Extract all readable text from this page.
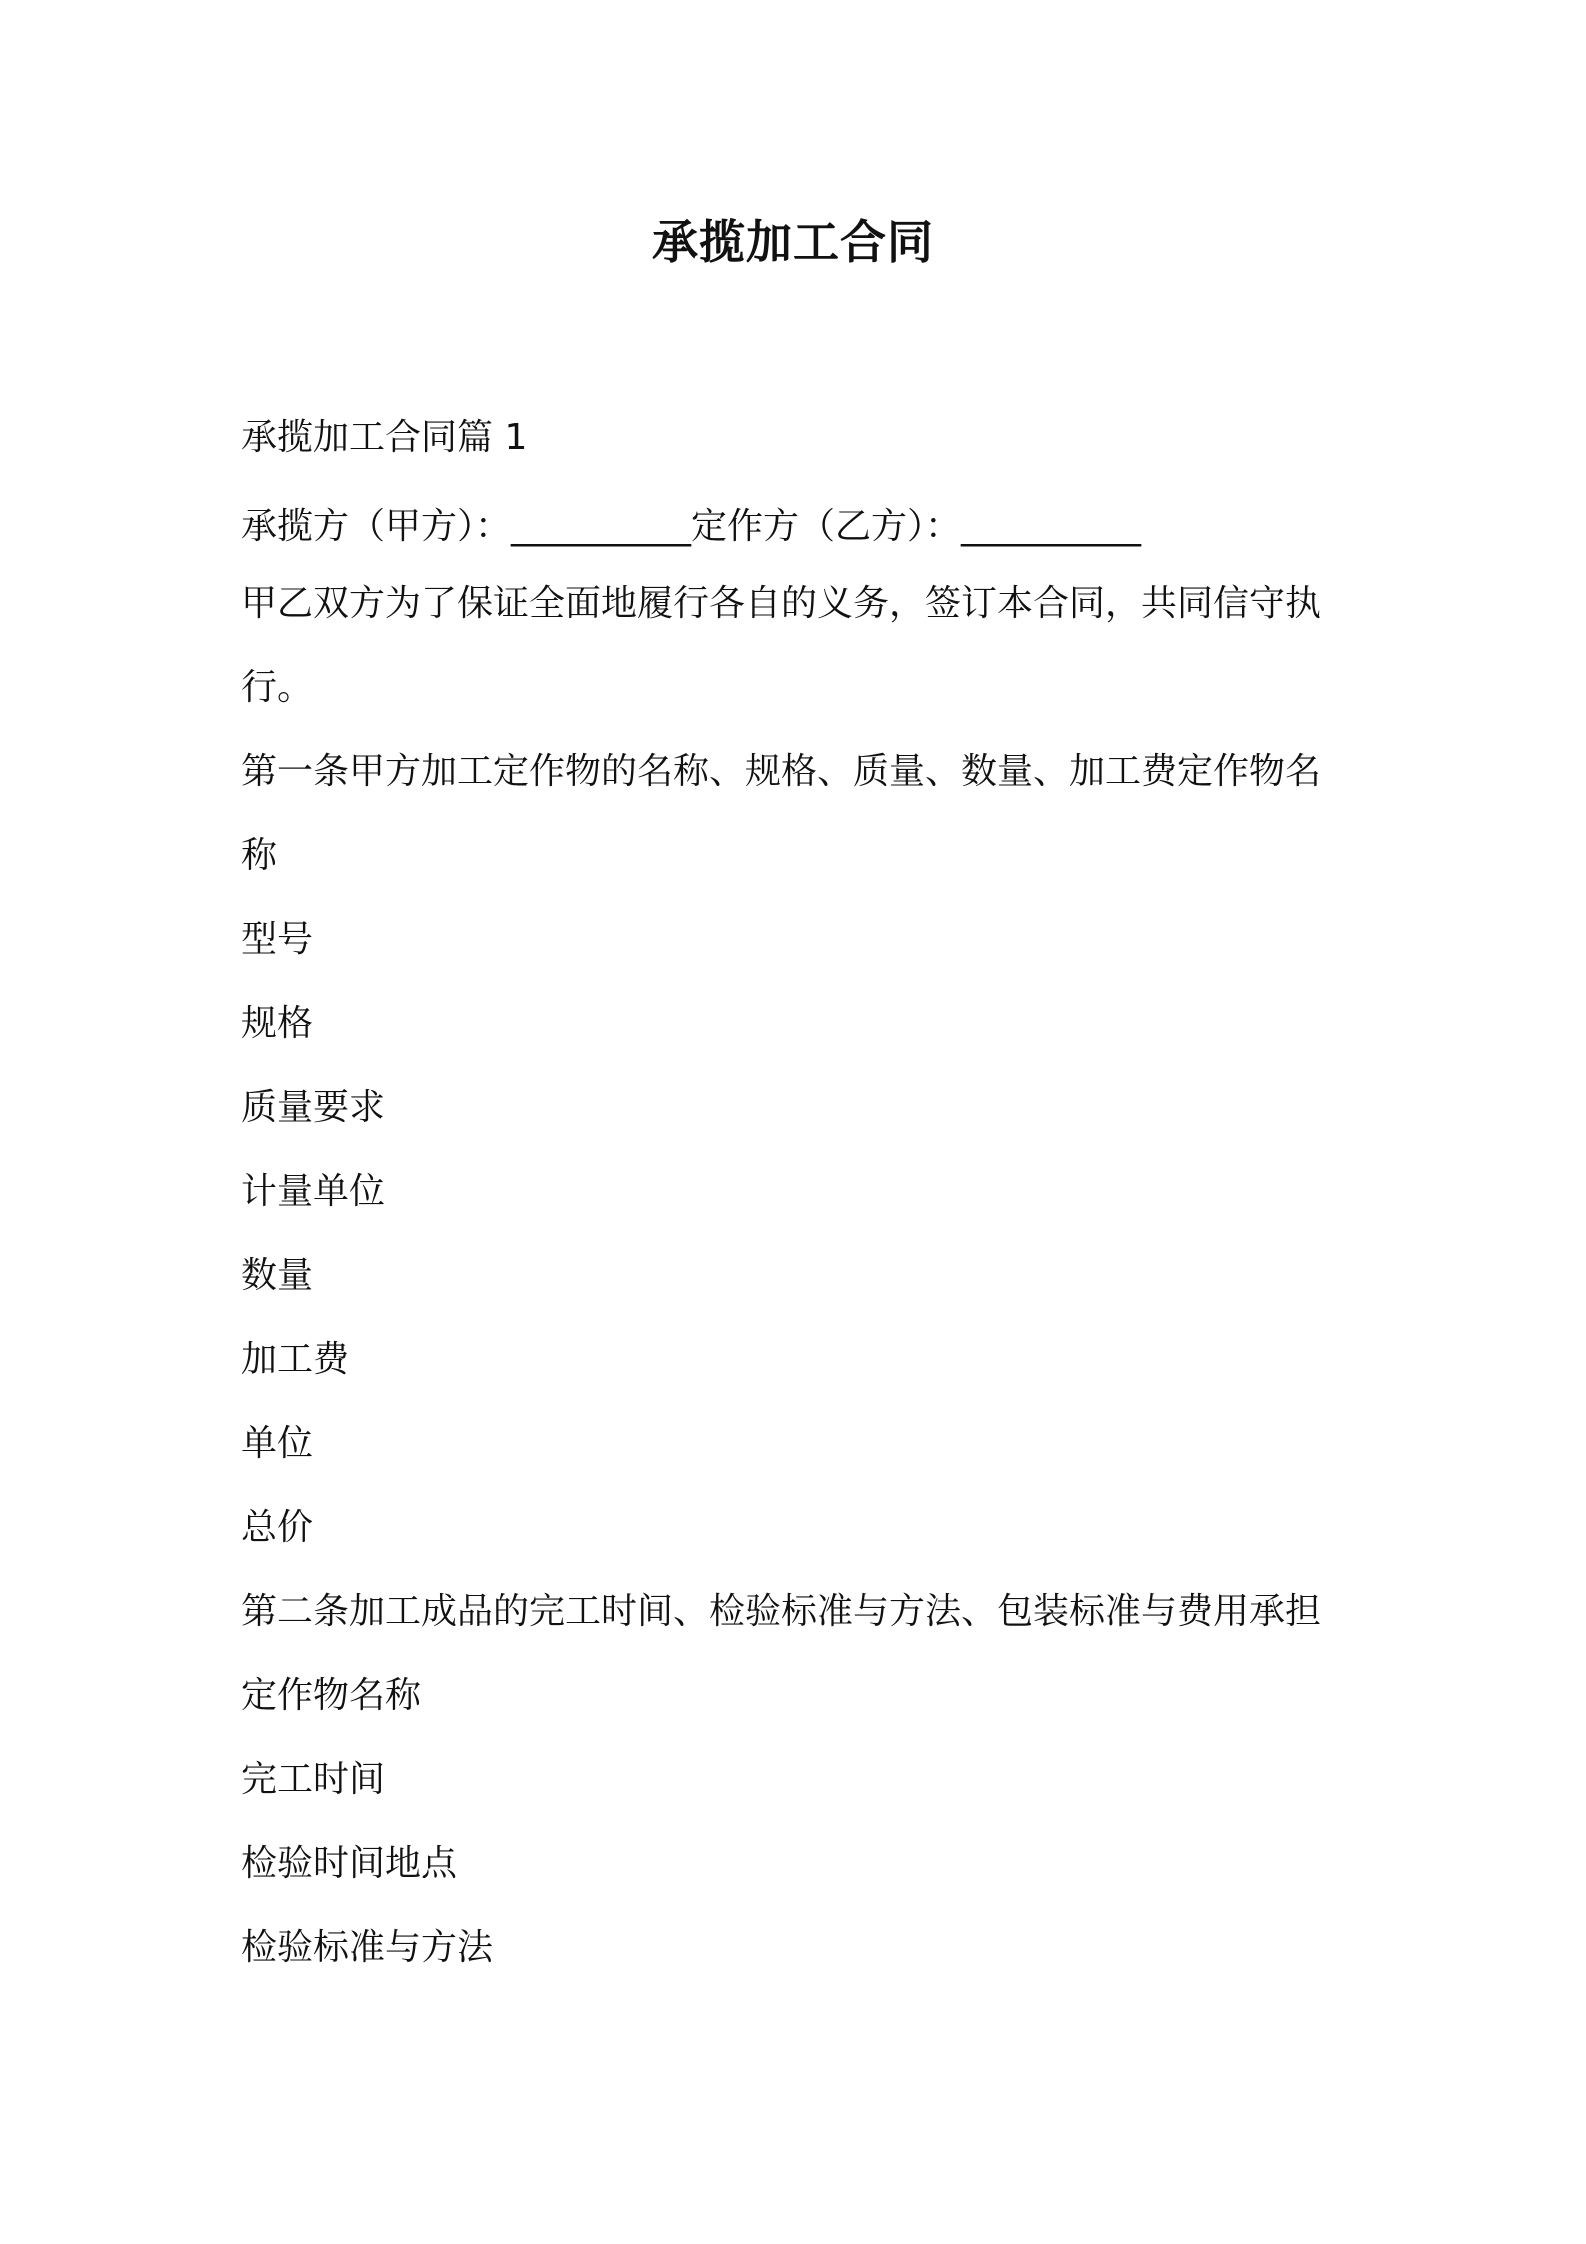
承揽加工合同
承揽加工合同篇 1
承揽方（甲方）：__________定作方（乙方）：__________
甲乙双方为了保证全面地履行各自的义务，签订本合同，共同信守执
行。
第一条甲方加工定作物的名称、规格、质量、数量、加工费定作物名
称
型号
规格
质量要求
计量单位
数量
加工费
单位
总价
第二条加工成品的完工时间、检验标准与方法、包装标准与费用承担
定作物名称
完工时间
检验时间地点
检验标准与方法
